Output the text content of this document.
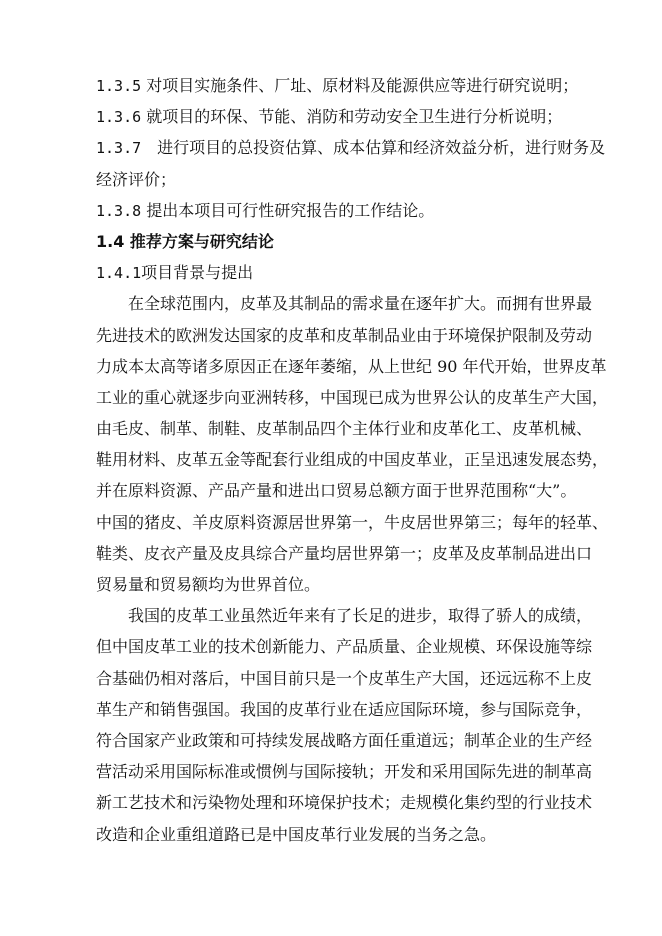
1.3.5 对项目实施条件、厂址、原材料及能源供应等进行研究说明；
1.3.6 就项目的环保、节能、消防和劳动安全卫生进行分析说明；
1.3.7 进行项目的总投资估算、成本估算和经济效益分析，进行财务及
经济评价；
1.3.8 提出本项目可行性研究报告的工作结论。
1.4 推荐方案与研究结论
1.4.1项目背景与提出
在全球范围内，皮革及其制品的需求量在逐年扩大。而拥有世界最
先进技术的欧洲发达国家的皮革和皮革制品业由于环境保护限制及劳动
力成本太高等诸多原因正在逐年萎缩，从上世纪 90 年代开始，世界皮革
工业的重心就逐步向亚洲转移，中国现已成为世界公认的皮革生产大国，
由毛皮、制革、制鞋、皮革制品四个主体行业和皮革化工、皮革机械、
鞋用材料、皮革五金等配套行业组成的中国皮革业，正呈迅速发展态势，
并在原料资源、产品产量和进出口贸易总额方面于世界范围称“大”。
中国的猪皮、羊皮原料资源居世界第一，牛皮居世界第三；每年的轻革、
鞋类、皮衣产量及皮具综合产量均居世界第一；皮革及皮革制品进出口
贸易量和贸易额均为世界首位。
我国的皮革工业虽然近年来有了长足的进步，取得了骄人的成绩，
但中国皮革工业的技术创新能力、产品质量、企业规模、环保设施等综
合基础仍相对落后，中国目前只是一个皮革生产大国，还远远称不上皮
革生产和销售强国。我国的皮革行业在适应国际环境，参与国际竞争，
符合国家产业政策和可持续发展战略方面任重道远；制革企业的生产经
营活动采用国际标准或惯例与国际接轨；开发和采用国际先进的制革高
新工艺技术和污染物处理和环境保护技术；走规模化集约型的行业技术
改造和企业重组道路已是中国皮革行业发展的当务之急。
